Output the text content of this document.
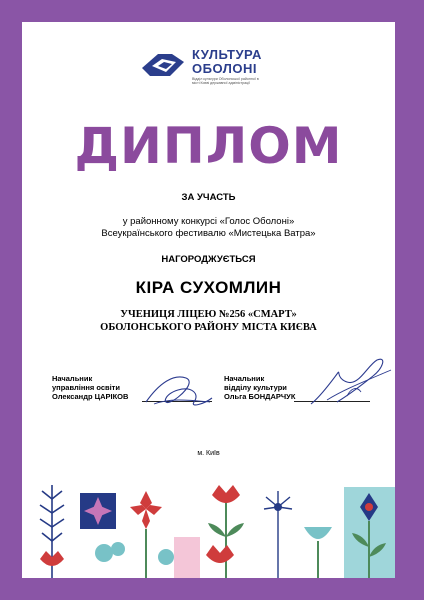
КУЛЬТУРА
ОБОЛОНІ
Відділ культури Оболонської районної в місті Києві державної адміністрації
ДИПЛОМ
ЗА УЧАСТЬ
у районному конкурсі «Голос Оболоні»
Всеукраїнського фестивалю «Мистецька Ватра»
НАГОРОДЖУЄТЬСЯ
КІРА СУХОМЛИН
УЧЕНИЦЯ ЛІЦЕЮ №256 «СМАРТ»
ОБОЛОНСЬКОГО РАЙОНУ МІСТА КИЄВА
Начальник
управління освіти
Олександр ЦАРІКОВ
Начальник
відділу культури
Ольга БОНДАРЧУК
м. Київ
